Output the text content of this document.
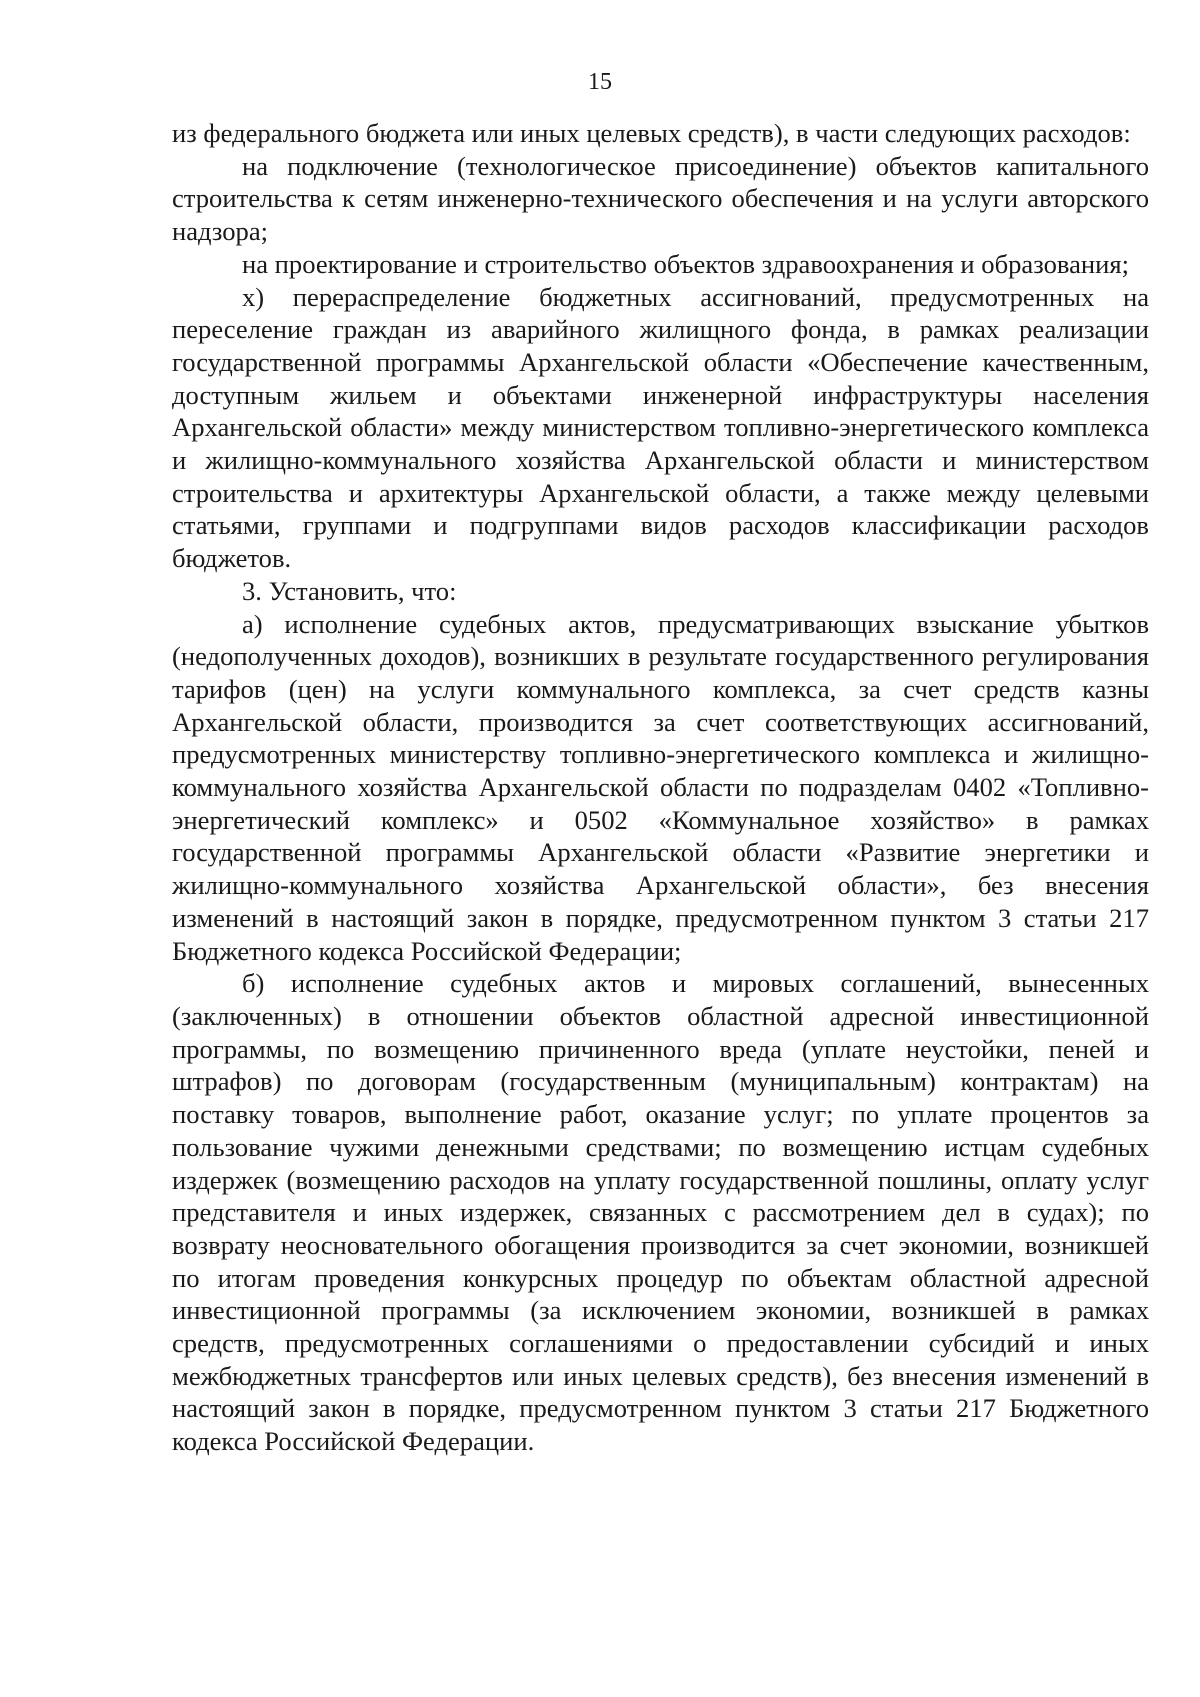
15

из федерального бюджета или иных целевых средств), в части следующих расходов:

на подключение (технологическое присоединение) объектов капитального строительства к сетям инженерно-технического обеспечения и на услуги авторского надзора;

на проектирование и строительство объектов здравоохранения и образования;

х) перераспределение бюджетных ассигнований, предусмотренных на переселение граждан из аварийного жилищного фонда, в рамках реализации государственной программы Архангельской области «Обеспечение качественным, доступным жильем и объектами инженерной инфраструктуры населения Архангельской области» между министерством топливно-энергетического комплекса и жилищно-коммунального хозяйства Архангельской области и министерством строительства и архитектуры Архангельской области, а также между целевыми статьями, группами и подгруппами видов расходов классификации расходов бюджетов.

3. Установить, что:

а) исполнение судебных актов, предусматривающих взыскание убытков (недополученных доходов), возникших в результате государственного регулирования тарифов (цен) на услуги коммунального комплекса, за счет средств казны Архангельской области, производится за счет соответствующих ассигнований, предусмотренных министерству топливно-энергетического комплекса и жилищно-коммунального хозяйства Архангельской области по подразделам 0402 «Топливно-энергетический комплекс» и 0502 «Коммунальное хозяйство» в рамках государственной программы Архангельской области «Развитие энергетики и жилищно-коммунального хозяйства Архангельской области», без внесения изменений в настоящий закон в порядке, предусмотренном пунктом 3 статьи 217 Бюджетного кодекса Российской Федерации;

б) исполнение судебных актов и мировых соглашений, вынесенных (заключенных) в отношении объектов областной адресной инвестиционной программы, по возмещению причиненного вреда (уплате неустойки, пеней и штрафов) по договорам (государственным (муниципальным) контрактам) на поставку товаров, выполнение работ, оказание услуг; по уплате процентов за пользование чужими денежными средствами; по возмещению истцам судебных издержек (возмещению расходов на уплату государственной пошлины, оплату услуг представителя и иных издержек, связанных с рассмотрением дел в судах); по возврату неосновательного обогащения производится за счет экономии, возникшей по итогам проведения конкурсных процедур по объектам областной адресной инвестиционной программы (за исключением экономии, возникшей в рамках средств, предусмотренных соглашениями о предоставлении субсидий и иных межбюджетных трансфертов или иных целевых средств), без внесения изменений в настоящий закон в порядке, предусмотренном пунктом 3 статьи 217 Бюджетного кодекса Российской Федерации.
